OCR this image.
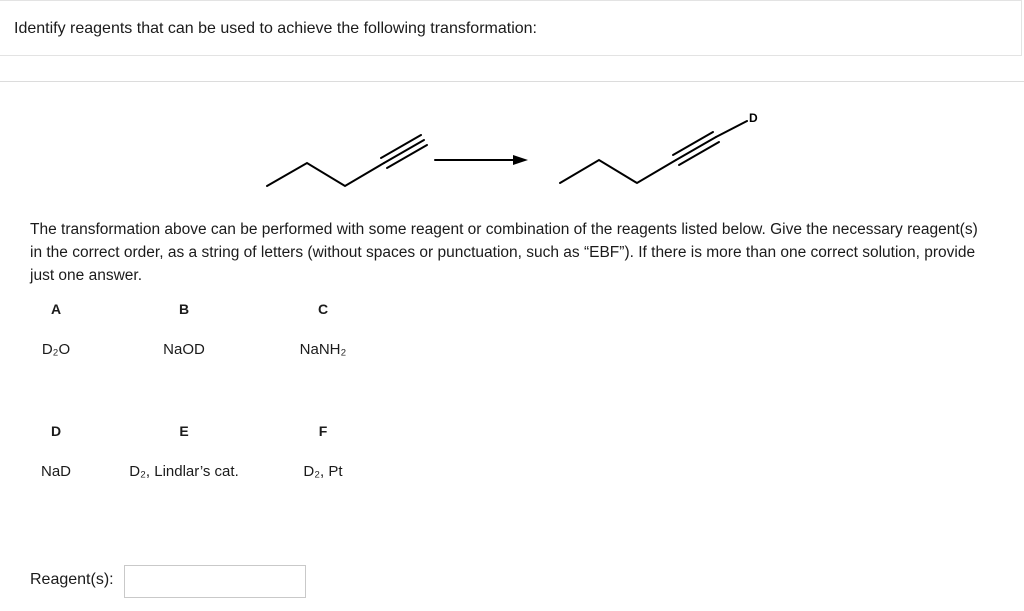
Identify reagents that can be used to achieve the following transformation:
D
The transformation above can be performed with some reagent or combination of the reagents listed below. Give the necessary reagent(s) in the correct order, as a string of letters (without spaces or punctuation, such as “EBF”). If there is more than one correct solution, provide just one answer.
A	B	C
D₂O	NaOD	NaNH₂
D	E	F
NaD	D₂, Lindlar’s cat.	D₂, Pt
Reagent(s):
